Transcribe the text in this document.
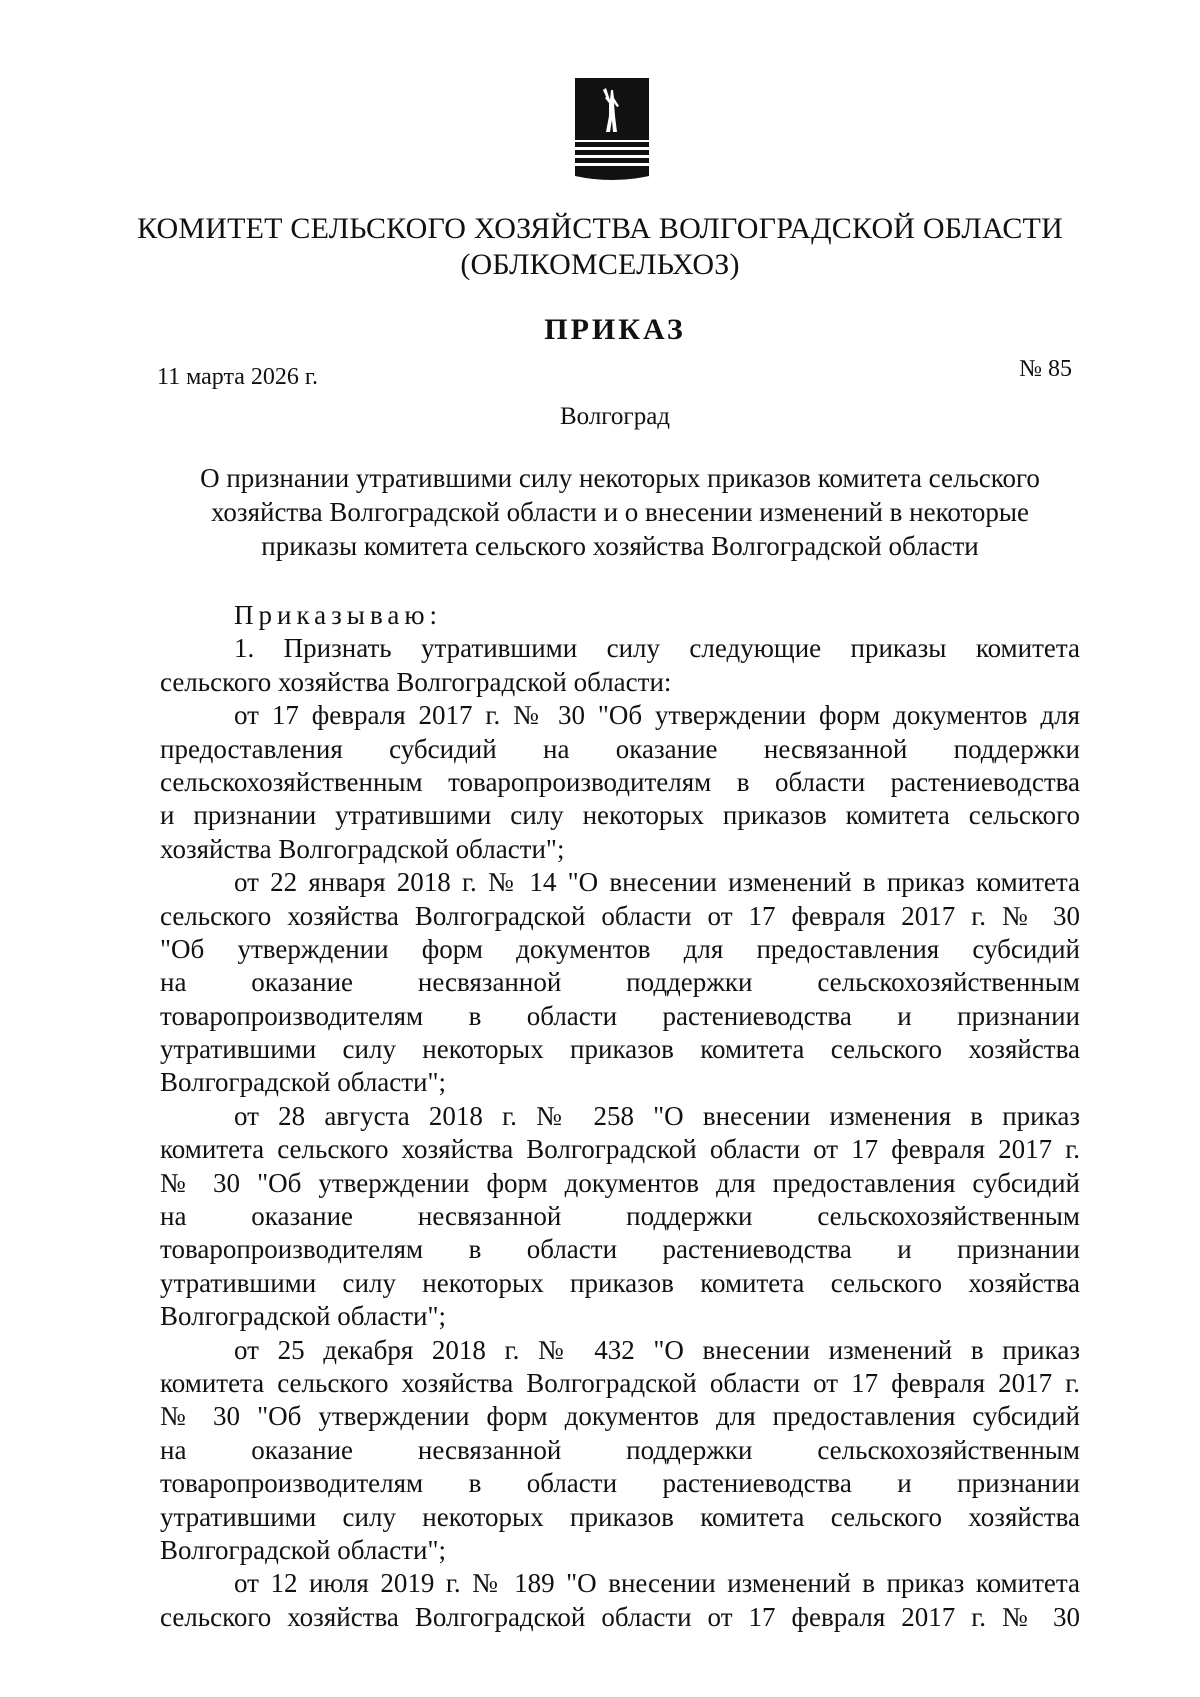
КОМИТЕТ СЕЛЬСКОГО ХОЗЯЙСТВА ВОЛГОГРАДСКОЙ ОБЛАСТИ
(ОБЛКОМСЕЛЬХОЗ)
ПРИКАЗ
11 марта 2026 г.	№ 85
Волгоград
О признании утратившими силу некоторых приказов комитета сельского
хозяйства Волгоградской области и о внесении изменений в некоторые
приказы комитета сельского хозяйства Волгоградской области
Приказываю:
1. Признать утратившими силу следующие приказы комитета
сельского хозяйства Волгоградской области:
от 17 февраля 2017 г. № 30 "Об утверждении форм документов для
предоставления субсидий на оказание несвязанной поддержки
сельскохозяйственным товаропроизводителям в области растениеводства
и признании утратившими силу некоторых приказов комитета сельского
хозяйства Волгоградской области";
от 22 января 2018 г. № 14 "О внесении изменений в приказ комитета
сельского хозяйства Волгоградской области от 17 февраля 2017 г. № 30
"Об утверждении форм документов для предоставления субсидий
на оказание несвязанной поддержки сельскохозяйственным
товаропроизводителям в области растениеводства и признании
утратившими силу некоторых приказов комитета сельского хозяйства
Волгоградской области";
от 28 августа 2018 г. № 258 "О внесении изменения в приказ
комитета сельского хозяйства Волгоградской области от 17 февраля 2017 г.
№ 30 "Об утверждении форм документов для предоставления субсидий
на оказание несвязанной поддержки сельскохозяйственным
товаропроизводителям в области растениеводства и признании
утратившими силу некоторых приказов комитета сельского хозяйства
Волгоградской области";
от 25 декабря 2018 г. № 432 "О внесении изменений в приказ
комитета сельского хозяйства Волгоградской области от 17 февраля 2017 г.
№ 30 "Об утверждении форм документов для предоставления субсидий
на оказание несвязанной поддержки сельскохозяйственным
товаропроизводителям в области растениеводства и признании
утратившими силу некоторых приказов комитета сельского хозяйства
Волгоградской области";
от 12 июля 2019 г. № 189 "О внесении изменений в приказ комитета
сельского хозяйства Волгоградской области от 17 февраля 2017 г. № 30
